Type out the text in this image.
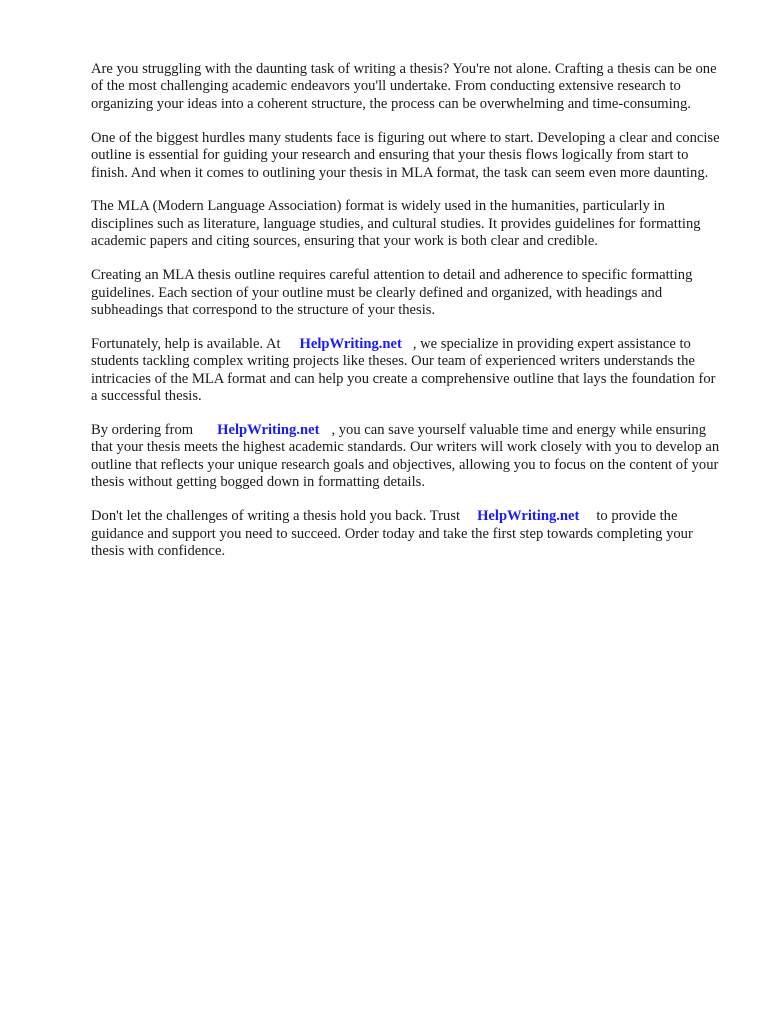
Are you struggling with the daunting task of writing a thesis? You're not alone. Crafting a thesis can be one of the most challenging academic endeavors you'll undertake. From conducting extensive research to organizing your ideas into a coherent structure, the process can be overwhelming and time-consuming.

One of the biggest hurdles many students face is figuring out where to start. Developing a clear and concise outline is essential for guiding your research and ensuring that your thesis flows logically from start to finish. And when it comes to outlining your thesis in MLA format, the task can seem even more daunting.

The MLA (Modern Language Association) format is widely used in the humanities, particularly in disciplines such as literature, language studies, and cultural studies. It provides guidelines for formatting academic papers and citing sources, ensuring that your work is both clear and credible.

Creating an MLA thesis outline requires careful attention to detail and adherence to specific formatting guidelines. Each section of your outline must be clearly defined and organized, with headings and subheadings that correspond to the structure of your thesis.

Fortunately, help is available. At HelpWriting.net , we specialize in providing expert assistance to students tackling complex writing projects like theses. Our team of experienced writers understands the intricacies of the MLA format and can help you create a comprehensive outline that lays the foundation for a successful thesis.

By ordering from HelpWriting.net , you can save yourself valuable time and energy while ensuring that your thesis meets the highest academic standards. Our writers will work closely with you to develop an outline that reflects your unique research goals and objectives, allowing you to focus on the content of your thesis without getting bogged down in formatting details.

Don't let the challenges of writing a thesis hold you back. Trust HelpWriting.net to provide the guidance and support you need to succeed. Order today and take the first step towards completing your thesis with confidence.
